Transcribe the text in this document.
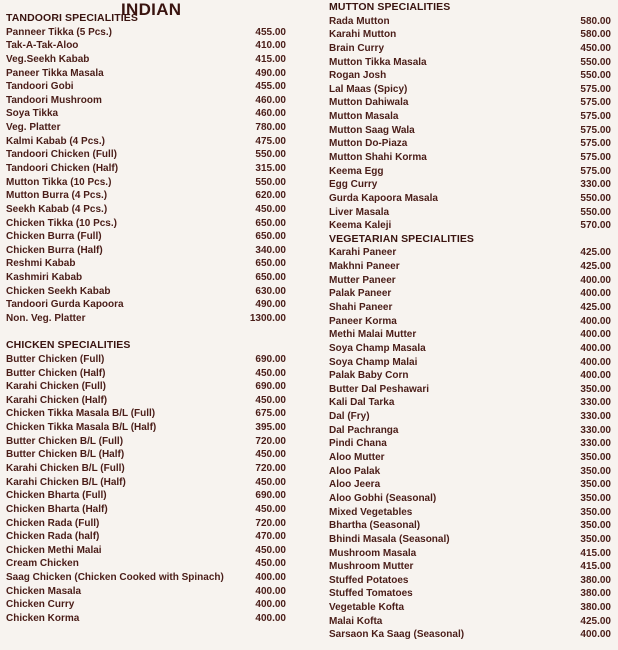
INDIAN
TANDOORI SPECIALITIES
Panneer Tikka (5 Pcs.)	455.00
Tak-A-Tak-Aloo	410.00
Veg.Seekh Kabab	415.00
Paneer Tikka Masala	490.00
Tandoori Gobi	455.00
Tandoori Mushroom	460.00
Soya Tikka	460.00
Veg. Platter	780.00
Kalmi Kabab (4 Pcs.)	475.00
Tandoori Chicken (Full)	550.00
Tandoori Chicken (Half)	315.00
Mutton Tikka (10 Pcs.)	550.00
Mutton Burra (4 Pcs.)	620.00
Seekh Kabab (4 Pcs.)	450.00
Chicken Tikka (10 Pcs.)	650.00
Chicken Burra (Full)	650.00
Chicken Burra (Half)	340.00
Reshmi Kabab	650.00
Kashmiri Kabab	650.00
Chicken Seekh Kabab	630.00
Tandoori Gurda Kapoora	490.00
Non. Veg. Platter	1300.00
CHICKEN SPECIALITIES
Butter Chicken (Full)	690.00
Butter Chicken (Half)	450.00
Karahi Chicken (Full)	690.00
Karahi Chicken (Half)	450.00
Chicken Tikka Masala B/L (Full)	675.00
Chicken Tikka Masala B/L (Half)	395.00
Butter Chicken B/L (Full)	720.00
Butter Chicken B/L (Half)	450.00
Karahi Chicken B/L (Full)	720.00
Karahi Chicken B/L (Half)	450.00
Chicken Bharta (Full)	690.00
Chicken Bharta (Half)	450.00
Chicken Rada (Full)	720.00
Chicken Rada (half)	470.00
Chicken Methi Malai	450.00
Cream Chicken	450.00
Saag Chicken (Chicken Cooked with Spinach)	400.00
Chicken Masala	400.00
Chicken Curry	400.00
Chicken Korma	400.00
MUTTON SPECIALITIES
Rada Mutton	580.00
Karahi Mutton	580.00
Brain Curry	450.00
Mutton Tikka Masala	550.00
Rogan Josh	550.00
Lal Maas (Spicy)	575.00
Mutton Dahiwala	575.00
Mutton Masala	575.00
Mutton Saag Wala	575.00
Mutton Do-Piaza	575.00
Mutton Shahi Korma	575.00
Keema Egg	575.00
Egg Curry	330.00
Gurda Kapoora Masala	550.00
Liver Masala	550.00
Keema Kaleji	570.00
VEGETARIAN SPECIALITIES
Karahi Paneer	425.00
Makhni Paneer	425.00
Mutter Paneer	400.00
Palak Paneer	400.00
Shahi Paneer	425.00
Paneer Korma	400.00
Methi Malai Mutter	400.00
Soya Champ Masala	400.00
Soya Champ Malai	400.00
Palak Baby Corn	400.00
Butter Dal Peshawari	350.00
Kali Dal Tarka	330.00
Dal (Fry)	330.00
Dal Pachranga	330.00
Pindi Chana	330.00
Aloo Mutter	350.00
Aloo Palak	350.00
Aloo Jeera	350.00
Aloo Gobhi (Seasonal)	350.00
Mixed Vegetables	350.00
Bhartha (Seasonal)	350.00
Bhindi Masala (Seasonal)	350.00
Mushroom Masala	415.00
Mushroom Mutter	415.00
Stuffed Potatoes	380.00
Stuffed Tomatoes	380.00
Vegetable Kofta	380.00
Malai Kofta	425.00
Sarsaon Ka Saag (Seasonal)	400.00
